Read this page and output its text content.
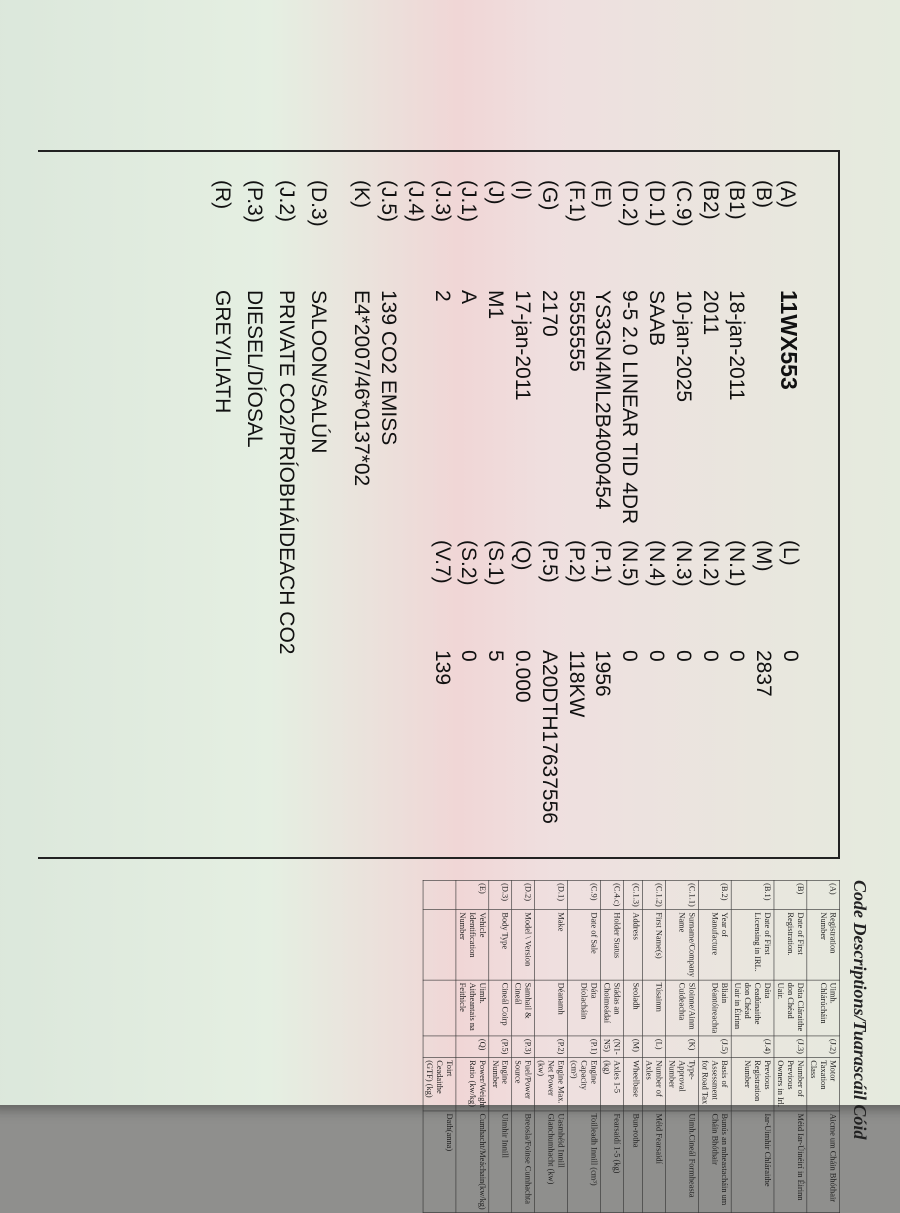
(A)11WX553
(B)
(B1)18-jan-2011
(B2)2011
(C.9)10-jan-2025
(D.1)SAAB
(D.2)9-5 2.0 LINEAR TID 4DR
(E)YS3GN4ML2B4000454
(F.1)5555555
(G)2170
(I)17-jan-2011
(J)M1
(J.1)A
(J.3)2
(J.4)
(J.5)139 CO2 EMISS
(K)E4*2007/46*0137*02
(L)0
(M)2837
(N.1)0
(N.2)0
(N.3)0
(N.4)0
(N.5)0
(P.1)1956
(P.2)118KW
(P.5)A20DTH17637556
(Q)0.000
(S.1)5
(S.2)0
(V.7)139
(D.3)SALOON/SALÚN
(J.2)PRIVATE CO2/PRÍOBHÁIDEACH CO2
(P.3)DIESEL/DÍOSAL
(R)GREY/LIATH
Code Descriptions/Tuarascáil Cóid
(A)	Registration Number	Uimh. Chlárúcháin	(J.2)	Motor Taxation Class	Aicme um Cháin Bhóthair
(B)	Date of First Registration.	Dáta Cláraithe don Chéad Uair.	(J.3)	Number of Previous Owners in Irl.	Méid Iar-Úinéirí in Éirinn
(B.1)	Date of First Licensing in IRL.	Dáta Ceadúnaithe don Chéad Uair in Éirinn	(J.4)	Previous Registration Number	Iar-Uimhir Chláraithe
(B.2)	Year of Manufacture	Bliain Déantóireachta	(J.5)	Basis of Assessment for Road Tax	Bunús an mheastacháin um Cháin Bhóthair
(C.1.1)	Surname/Company Name	Sloinne/Ainm Cuideachta	(K)	Type-Approval Number	Uimh.Cineál Formheasta
(C.1.2)	First Name(s)	Túsainm	(L)	Number of Axles	Méid Fearsaidí
(C.1.3)	Address	Seoladh	(M)	Wheelbase	Bun-rotha
(C.4.c)	Holder Status	Stádas an Choimeádaí	(N1-N5)	Axles 1-5 (kg)	Fearsaidí 1-5 (kg)
(C.9)	Date of Sale	Dáta Díolacháin	(P.1)	Engine Capacity (cm³)	Toilleadh Innill (cm³)
(D.1)	Make	Déanamh	(P.2)	Engine Max. Net Power (kw)	Uasmhéid Innill Glanchumhacht (kw)
(D.2)	Model \ Version	Samhail & Cineál	(P.3)	Fuel/Power Source	Breosla/Foinse Cumhachta
(D.3)	Body Type	Cineál Coirp	(P.5)	Engine Number	Uimhir Innill
(E)	Vehicle Identification Number	Uimh. Aitheantais na Feithicle	(Q)	Power/Weight Ratio (kw/kg)	Cumhacht/Meáchain(kw/kg)
				Toirt Ceadaithe (GTF) (kg)	Dath(anna)
